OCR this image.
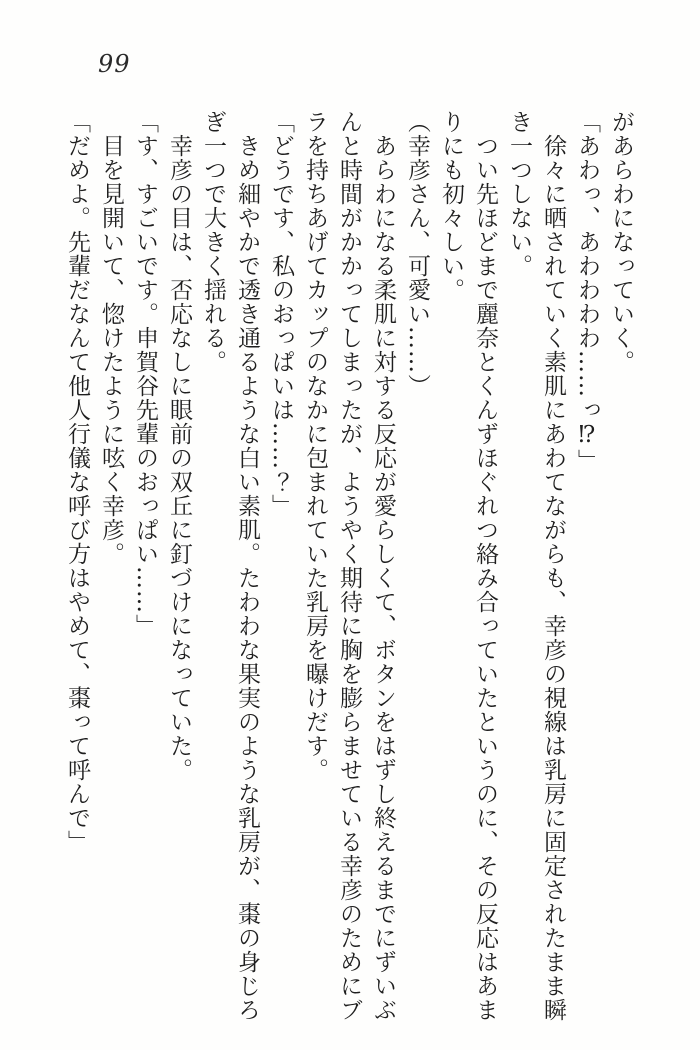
99

があらわになっていく。

「あわっ、あわわわわ……っ⁉」

　徐々に晒されていく素肌にあわてながらも、幸彦の視線は乳房に固定されたまま瞬

き一つしない。

　つい先ほどまで麗奈とくんずほぐれつ絡み合っていたというのに、その反応はあま

りにも初々しい。

（幸彦さん、可愛い……）

　あらわになる柔肌に対する反応が愛らしくて、ボタンをはずし終えるまでにずいぶ

んと時間がかかってしまったが、ようやく期待に胸を膨らませている幸彦のためにブ

ラを持ちあげてカップのなかに包まれていた乳房を曝けだす。

「どうです、私のおっぱいは……？」

　きめ細やかで透き通るような白い素肌。たわわな果実のような乳房が、棗の身じろ

ぎ一つで大きく揺れる。

　幸彦の目は、否応なしに眼前の双丘に釘づけになっていた。

「す、すごいです。申賀谷先輩のおっぱい……」

　目を見開いて、惚けたように呟く幸彦。

「だめよ。先輩だなんて他人行儀な呼び方はやめて、棗って呼んで」
